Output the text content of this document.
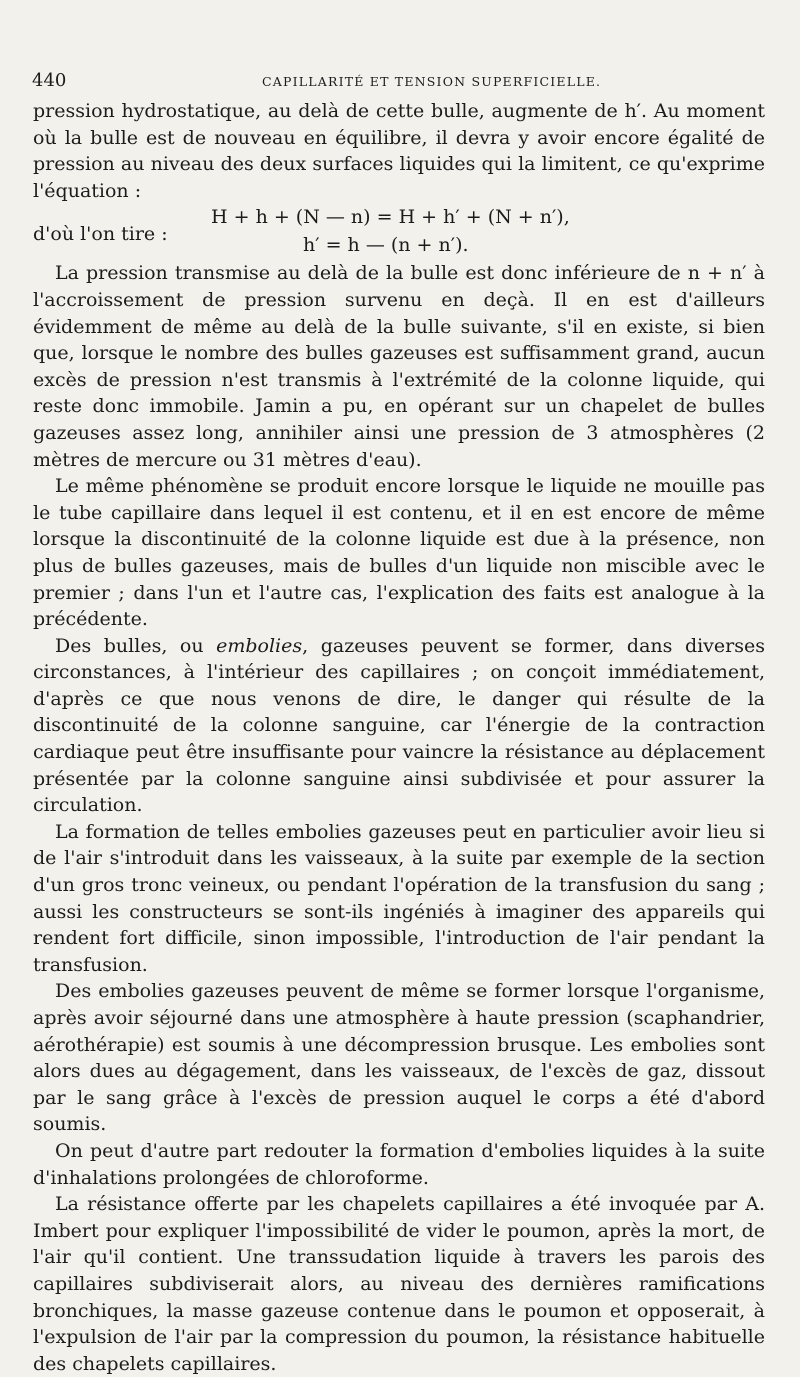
440	CAPILLARITÉ ET TENSION SUPERFICIELLE.

pression hydrostatique, au delà de cette bulle, augmente de h′. Au moment où la bulle est de nouveau en équilibre, il devra y avoir encore égalité de pression au niveau des deux surfaces liquides qui la limitent, ce qu'exprime l'équation :

d'où l'on tire :
H + h + (N — n) = H + h′ + (N + n′),
h′ = h — (n + n′).

La pression transmise au delà de la bulle est donc inférieure de n + n′ à l'accroissement de pression survenu en deçà. Il en est d'ailleurs évidemment de même au delà de la bulle suivante, s'il en existe, si bien que, lorsque le nombre des bulles gazeuses est suffisamment grand, aucun excès de pression n'est transmis à l'extrémité de la colonne liquide, qui reste donc immobile. Jamin a pu, en opérant sur un chapelet de bulles gazeuses assez long, annihiler ainsi une pression de 3 atmosphères (2 mètres de mercure ou 31 mètres d'eau).

Le même phénomène se produit encore lorsque le liquide ne mouille pas le tube capillaire dans lequel il est contenu, et il en est encore de même lorsque la discontinuité de la colonne liquide est due à la présence, non plus de bulles gazeuses, mais de bulles d'un liquide non miscible avec le premier ; dans l'un et l'autre cas, l'explication des faits est analogue à la précédente.

Des bulles, ou embolies, gazeuses peuvent se former, dans diverses circonstances, à l'intérieur des capillaires ; on conçoit immédiatement, d'après ce que nous venons de dire, le danger qui résulte de la discontinuité de la colonne sanguine, car l'énergie de la contraction cardiaque peut être insuffisante pour vaincre la résistance au déplacement présentée par la colonne sanguine ainsi subdivisée et pour assurer la circulation.

La formation de telles embolies gazeuses peut en particulier avoir lieu si de l'air s'introduit dans les vaisseaux, à la suite par exemple de la section d'un gros tronc veineux, ou pendant l'opération de la transfusion du sang ; aussi les constructeurs se sont-ils ingéniés à imaginer des appareils qui rendent fort difficile, sinon impossible, l'introduction de l'air pendant la transfusion.

Des embolies gazeuses peuvent de même se former lorsque l'organisme, après avoir séjourné dans une atmosphère à haute pression (scaphandrier, aérothérapie) est soumis à une décompression brusque. Les embolies sont alors dues au dégagement, dans les vaisseaux, de l'excès de gaz, dissout par le sang grâce à l'excès de pression auquel le corps a été d'abord soumis.

On peut d'autre part redouter la formation d'embolies liquides à la suite d'inhalations prolongées de chloroforme.

La résistance offerte par les chapelets capillaires a été invoquée par A. Imbert pour expliquer l'impossibilité de vider le poumon, après la mort, de l'air qu'il contient. Une transsudation liquide à travers les parois des capillaires subdiviserait alors, au niveau des dernières ramifications bronchiques, la masse gazeuse contenue dans le poumon et opposerait, à l'expulsion de l'air par la compression du poumon, la résistance habituelle des chapelets capillaires.
